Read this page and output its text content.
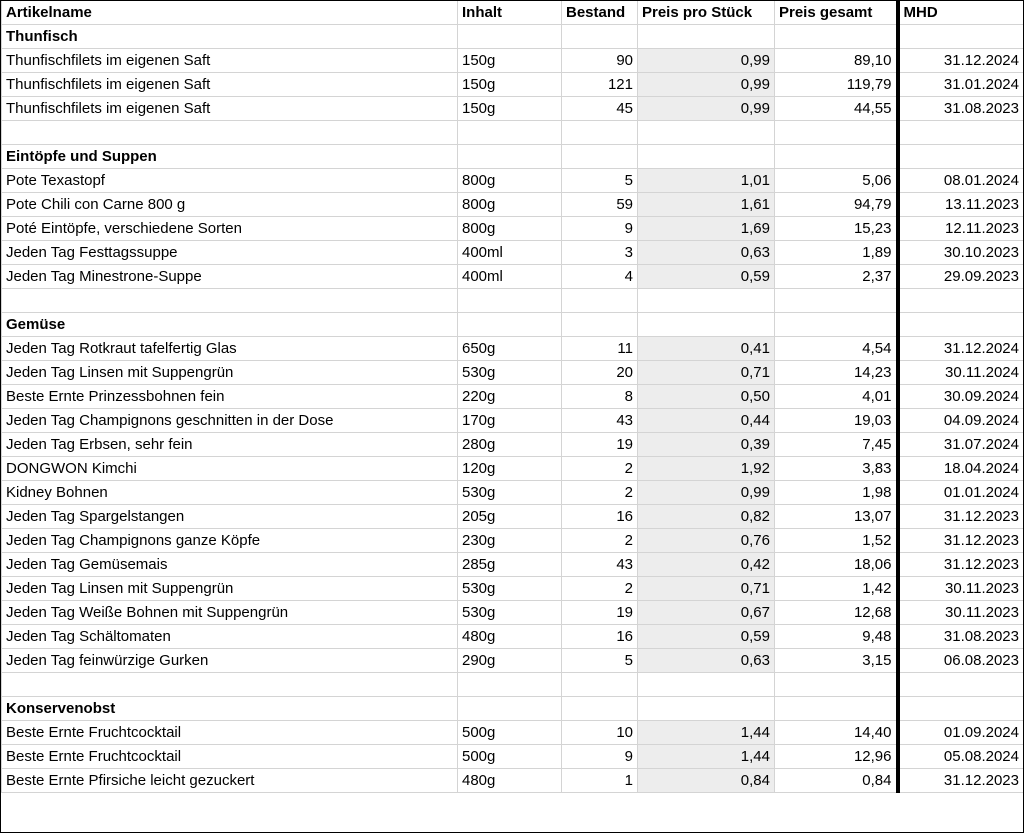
Artikelname	Inhalt	Bestand	Preis pro Stück	Preis gesamt	MHD
Thunfisch					
Thunfischfilets im eigenen Saft	150g	90	0,99	89,10	31.12.2024
Thunfischfilets im eigenen Saft	150g	121	0,99	119,79	31.01.2024
Thunfischfilets im eigenen Saft	150g	45	0,99	44,55	31.08.2023

Eintöpfe und Suppen					
Pote Texastopf	800g	5	1,01	5,06	08.01.2024
Pote Chili con Carne 800 g	800g	59	1,61	94,79	13.11.2023
Poté Eintöpfe, verschiedene Sorten	800g	9	1,69	15,23	12.11.2023
Jeden Tag Festtagssuppe	400ml	3	0,63	1,89	30.10.2023
Jeden Tag Minestrone-Suppe	400ml	4	0,59	2,37	29.09.2023

Gemüse					
Jeden Tag Rotkraut tafelfertig Glas	650g	11	0,41	4,54	31.12.2024
Jeden Tag Linsen mit Suppengrün	530g	20	0,71	14,23	30.11.2024
Beste Ernte Prinzessbohnen fein	220g	8	0,50	4,01	30.09.2024
Jeden Tag Champignons geschnitten in der Dose	170g	43	0,44	19,03	04.09.2024
Jeden Tag Erbsen, sehr fein	280g	19	0,39	7,45	31.07.2024
DONGWON Kimchi	120g	2	1,92	3,83	18.04.2024
Kidney Bohnen	530g	2	0,99	1,98	01.01.2024
Jeden Tag Spargelstangen	205g	16	0,82	13,07	31.12.2023
Jeden Tag Champignons ganze Köpfe	230g	2	0,76	1,52	31.12.2023
Jeden Tag Gemüsemais	285g	43	0,42	18,06	31.12.2023
Jeden Tag Linsen mit Suppengrün	530g	2	0,71	1,42	30.11.2023
Jeden Tag Weiße Bohnen mit Suppengrün	530g	19	0,67	12,68	30.11.2023
Jeden Tag Schältomaten	480g	16	0,59	9,48	31.08.2023
Jeden Tag feinwürzige Gurken	290g	5	0,63	3,15	06.08.2023

Konservenobst					
Beste Ernte Fruchtcocktail	500g	10	1,44	14,40	01.09.2024
Beste Ernte Fruchtcocktail	500g	9	1,44	12,96	05.08.2024
Beste Ernte Pfirsiche leicht gezuckert	480g	1	0,84	0,84	31.12.2023
